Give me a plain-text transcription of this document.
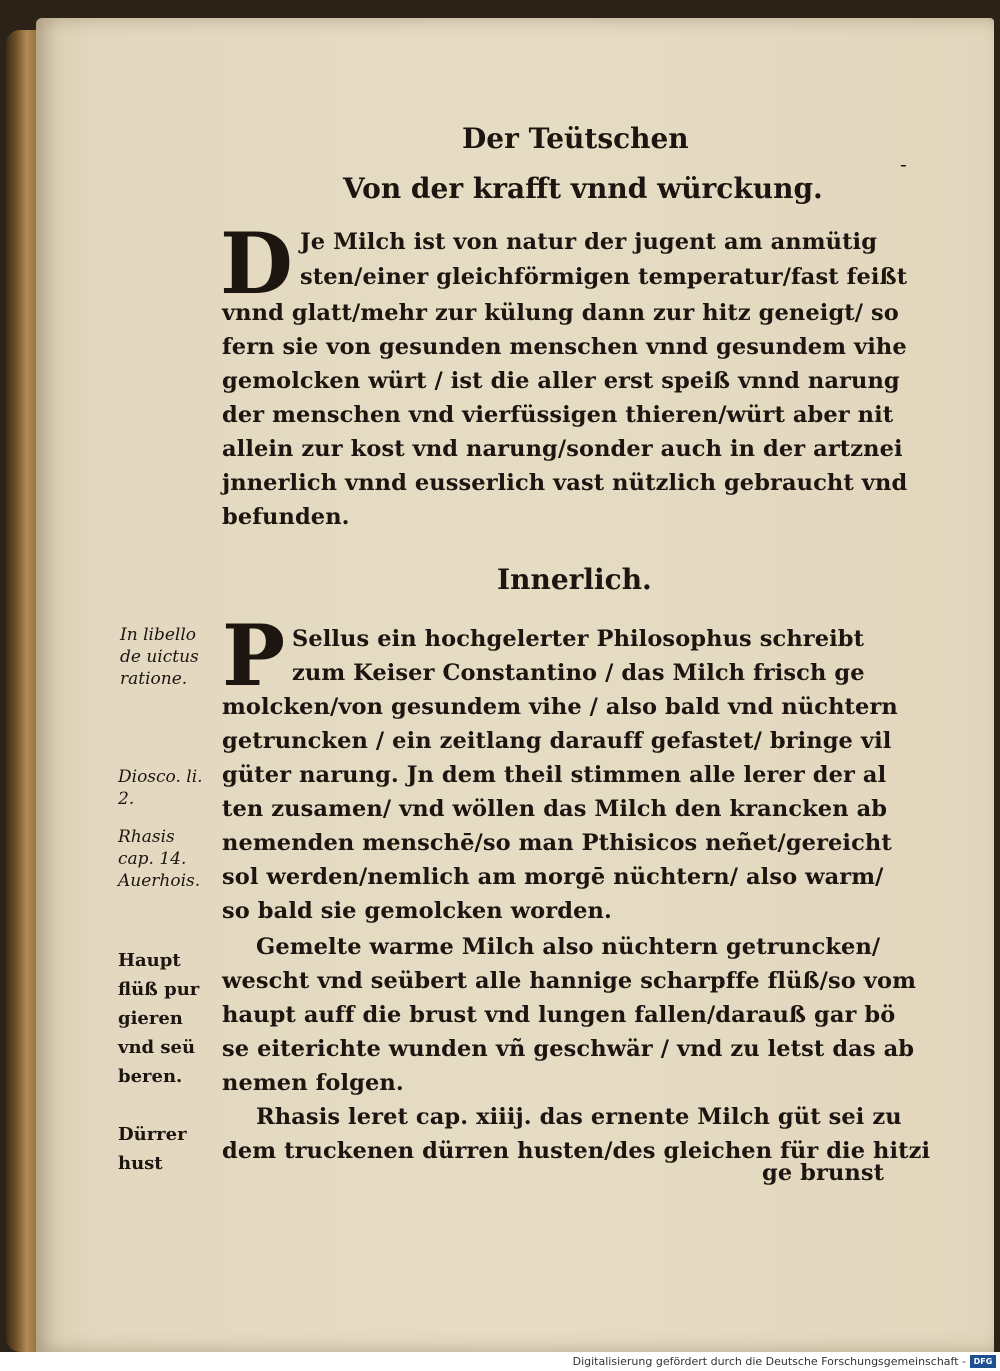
Der Teütschen
-
Von der krafft vnnd würckung.
D Je Milch ist von natur der jugent am anmütig
sten/einer gleichförmigen temperatur/fast feißt
vnnd glatt/mehr zur külung dann zur hitz geneigt/ so
fern sie von gesunden menschen vnnd gesundem vihe
gemolcken würt / ist die aller erst speiß vnnd narung
der menschen vnd vierfüssigen thieren/würt aber nit
allein zur kost vnd narung/sonder auch in der artznei
jnnerlich vnnd eusserlich vast nützlich gebraucht vnd
befunden.
Innerlich.
P Sellus ein hochgelerter Philosophus schreibt
zum Keiser Constantino / das Milch frisch ge
molcken/von gesundem vihe / also bald vnd nüchtern
getruncken / ein zeitlang darauff gefastet/ bringe vil
güter narung. Jn dem theil stimmen alle lerer der al
ten zusamen/ vnd wöllen das Milch den krancken ab
nemenden menschē/so man Pthisicos neñet/gereicht
sol werden/nemlich am morgē nüchtern/ also warm/
so bald sie gemolcken worden.
Gemelte warme Milch also nüchtern getruncken/
wescht vnd seübert alle hannige scharpffe flüß/so vom
haupt auff die brust vnd lungen fallen/darauß gar bö
se eiterichte wunden vñ geschwär / vnd zu letst das ab
nemen folgen.
Rhasis leret cap. xiiij. das ernente Milch güt sei zu
dem truckenen dürren husten/des gleichen für die hitzi
ge brunst
In libello
de uictus
ratione.
Diosco. li.
2.
Rhasis
cap. 14.
Auerhois.
Haupt
flüß pur
gieren
vnd seü
beren.
Dürrer
hust
Digitalisierung gefördert durch die Deutsche Forschungsgemeinschaft - DFG
